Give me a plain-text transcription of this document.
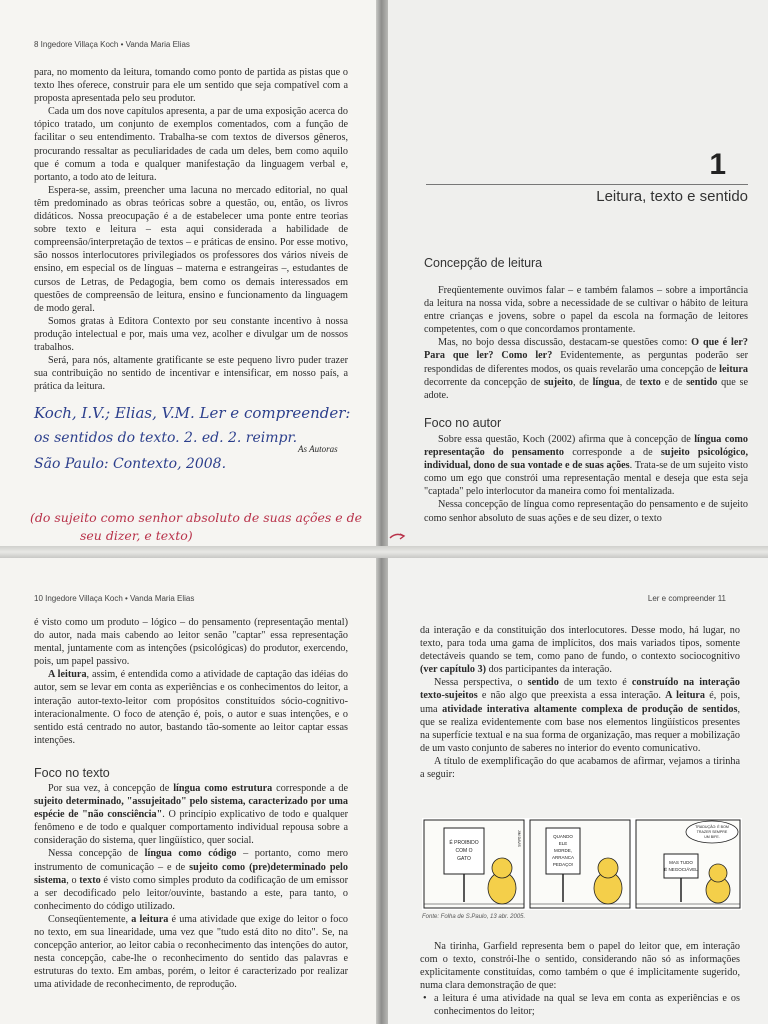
8 Ingedore Villaça Koch • Vanda Maria Elias

para, no momento da leitura, tomando como ponto de partida as pistas que o texto lhes oferece, construir para ele um sentido que seja compatível com a proposta apresentada pelo seu produtor.

Cada um dos nove capítulos apresenta, a par de uma exposição acerca do tópico tratado, um conjunto de exemplos comentados, com a função de facilitar o seu entendimento. Trabalha-se com textos de diversos gêneros, procurando ressaltar as peculiaridades de cada um deles, bem como aquilo que é comum a toda e qualquer manifestação da linguagem verbal e, portanto, a todo ato de leitura.

Espera-se, assim, preencher uma lacuna no mercado editorial, no qual têm predominado as obras teóricas sobre a questão, ou, então, os livros didáticos. Nossa preocupação é a de estabelecer uma ponte entre teorias sobre texto e leitura – esta aqui considerada a habilidade de compreensão/interpretação de textos – e práticas de ensino. Por esse motivo, são nossos interlocutores privilegiados os professores dos vários níveis de ensino, em especial os de línguas – materna e estrangeiras –, estudantes de cursos de Letras, de Pedagogia, bem como os demais interessados em questões de compreensão de leitura, ensino e funcionamento da linguagem de modo geral.

Somos gratas à Editora Contexto por seu constante incentivo à nossa produção intelectual e por, mais uma vez, acolher e divulgar um de nossos trabalhos.

Será, para nós, altamente gratificante se este pequeno livro puder trazer sua contribuição no sentido de incentivar e intensificar, em nosso país, a prática da leitura.

Koch, I.V.; Elias, V.M. Ler e compreender:
os sentidos do texto. 2. ed. 2. reimpr.
São Paulo: Contexto, 2008.
As Autoras
(do sujeito como senhor absoluto de suas ações e de
seu dizer, e texto)
1
Leitura, texto e sentido
Concepção de leitura

Freqüentemente ouvimos falar – e também falamos – sobre a importância da leitura na nossa vida, sobre a necessidade de se cultivar o hábito de leitura entre crianças e jovens, sobre o papel da escola na formação de leitores competentes, com o que concordamos prontamente.

Mas, no bojo dessa discussão, destacam-se questões como: O que é ler? Para que ler? Como ler? Evidentemente, as perguntas poderão ser respondidas de diferentes modos, os quais revelarão uma concepção de leitura decorrente da concepção de sujeito, de língua, de texto e de sentido que se adote.

Foco no autor

Sobre essa questão, Koch (2002) afirma que à concepção de língua como representação do pensamento corresponde a de sujeito psicológico, individual, dono de sua vontade e de suas ações. Trata-se de um sujeito visto como um ego que constrói uma representação mental e deseja que esta seja "captada" pelo interlocutor da maneira como foi mentalizada.

Nessa concepção de língua como representação do pensamento e de sujeito como senhor absoluto de suas ações e de seu dizer, o texto

10 Ingedore Villaça Koch • Vanda Maria Elias

é visto como um produto – lógico – do pensamento (representação mental) do autor, nada mais cabendo ao leitor senão "captar" essa representação mental, juntamente com as intenções (psicológicas) do produtor, exercendo, pois, um papel passivo.

A leitura, assim, é entendida como a atividade de captação das idéias do autor, sem se levar em conta as experiências e os conhecimentos do leitor, a interação autor-texto-leitor com propósitos constituídos sócio-cognitivo-interacionalmente. O foco de atenção é, pois, o autor e suas intenções, e o sentido está centrado no autor, bastando tão-somente ao leitor captar essas intenções.

Foco no texto

Por sua vez, à concepção de língua como estrutura corresponde a de sujeito determinado, "assujeitado" pelo sistema, caracterizado por uma espécie de "não consciência". O princípio explicativo de todo e qualquer fenômeno e de todo e qualquer comportamento individual repousa sobre a consideração do sistema, quer lingüístico, quer social.

Nessa concepção de língua como código – portanto, como mero instrumento de comunicação – e de sujeito como (pre)determinado pelo sistema, o texto é visto como simples produto da codificação de um emissor a ser decodificado pelo leitor/ouvinte, bastando a este, para tanto, o conhecimento do código utilizado.

Conseqüentemente, a leitura é uma atividade que exige do leitor o foco no texto, em sua linearidade, uma vez que "tudo está dito no dito". Se, na concepção anterior, ao leitor cabia o reconhecimento das intenções do autor, nesta concepção, cabe-lhe o reconhecimento do sentido das palavras e estruturas do texto. Em ambas, porém, o leitor é caracterizado por realizar uma atividade de reconhecimento, de reprodução.

Ler e compreender 11

da interação e da constituição dos interlocutores. Desse modo, há lugar, no texto, para toda uma gama de implícitos, dos mais variados tipos, somente detectáveis quando se tem, como pano de fundo, o contexto sociocognitivo (ver capítulo 3) dos participantes da interação.

Nessa perspectiva, o sentido de um texto é construído na interação texto-sujeitos e não algo que preexista a essa interação. A leitura é, pois, uma atividade interativa altamente complexa de produção de sentidos, que se realiza evidentemente com base nos elementos lingüísticos presentes na superfície textual e na sua forma de organização, mas requer a mobilização de um vasto conjunto de saberes no interior do evento comunicativo.

A título de exemplificação do que acabamos de afirmar, vejamos a tirinha a seguir:

É PROIBIDO
COM O
GATO
JIM DAVIS	QUANDO
ELE
MORDE,
ARRANCA
PEDAÇO!
TRADUÇÃO: É BOM
TRAZER SEMPRE
UM BIFE.
MAS TUDO
É NEGOCIÁVEL
Fonte: Folha de S.Paulo, 13 abr. 2005.

Na tirinha, Garfield representa bem o papel do leitor que, em interação com o texto, constrói-lhe o sentido, considerando não só as informações explicitamente constituídas, como também o que é implicitamente sugerido, numa clara demonstração de que:

• a leitura é uma atividade na qual se leva em conta as experiências e os conhecimentos do leitor;
